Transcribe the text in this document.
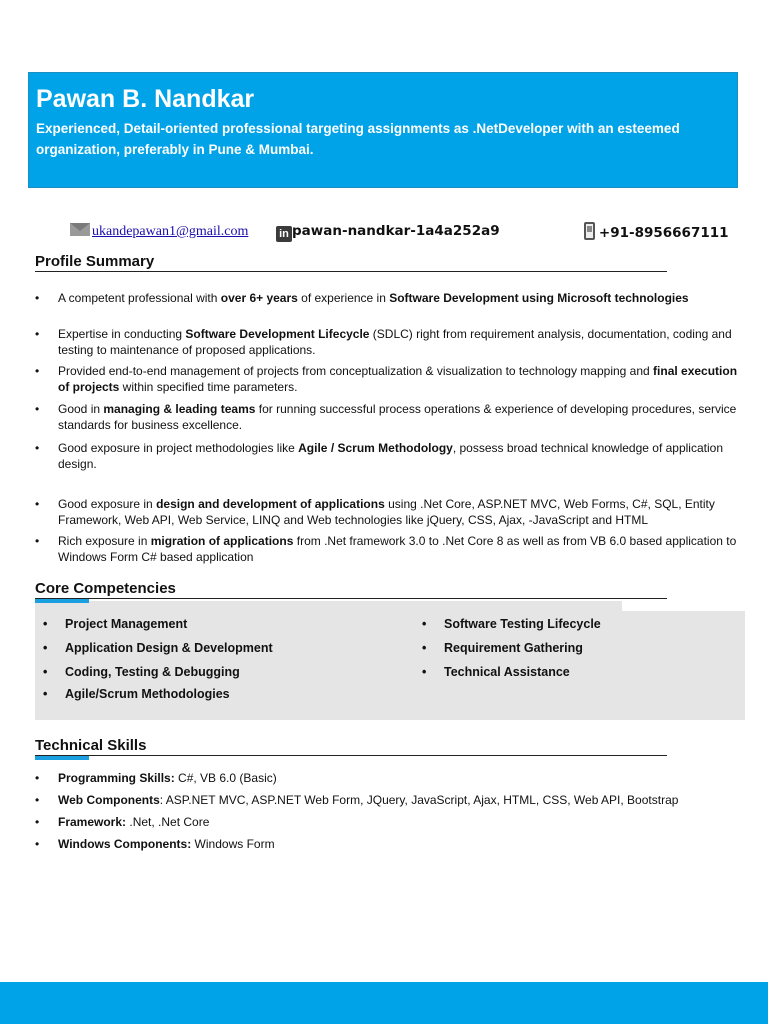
Pawan B. Nandkar
Experienced, Detail-oriented professional targeting assignments as .NetDeveloper with an esteemed organization, preferably in Pune & Mumbai.
ukandepawan1@gmail.com	in pawan-nandkar-1a4a252a9	+91-8956667111
Profile Summary
• A competent professional with over 6+ years of experience in Software Development using Microsoft technologies
• Expertise in conducting Software Development Lifecycle (SDLC) right from requirement analysis, documentation, coding and testing to maintenance of proposed applications.
• Provided end-to-end management of projects from conceptualization & visualization to technology mapping and final execution of projects within specified time parameters.
• Good in managing & leading teams for running successful process operations & experience of developing procedures, service standards for business excellence.
• Good exposure in project methodologies like Agile / Scrum Methodology, possess broad technical knowledge of application design.
• Good exposure in design and development of applications using .Net Core, ASP.NET MVC, Web Forms, C#, SQL, Entity Framework, Web API, Web Service, LINQ and Web technologies like jQuery, CSS, Ajax, -JavaScript and HTML
• Rich exposure in migration of applications from .Net framework 3.0 to .Net Core 8 as well as from VB 6.0 based application to Windows Form C# based application
• Project Management
• Application Design & Development
• Coding, Testing & Debugging
• Agile/Scrum Methodologies
• Software Testing Lifecycle
• Requirement Gathering
• Technical Assistance
Core Competencies
Technical Skills
• Programming Skills: C#, VB 6.0 (Basic)
• Web Components: ASP.NET MVC, ASP.NET Web Form, JQuery, JavaScript, Ajax, HTML, CSS, Web API, Bootstrap
• Framework: .Net, .Net Core
• Windows Components: Windows Form
